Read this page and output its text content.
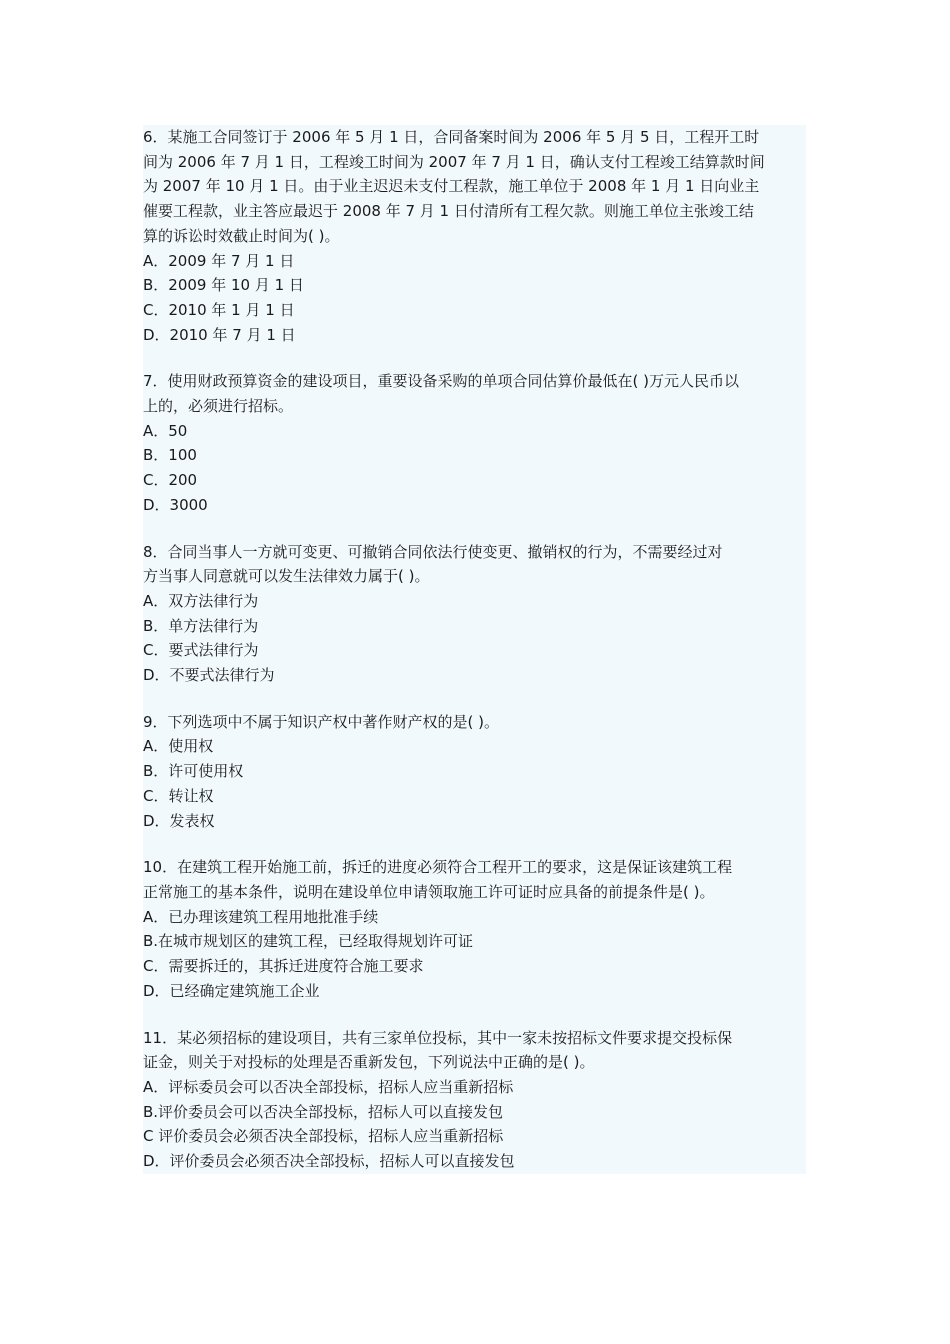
6．某施工合同签订于 2006 年 5 月 1 日，合同备案时间为 2006 年 5 月 5 日，工程开工时
间为 2006 年 7 月 1 日，工程竣工时间为 2007 年 7 月 1 日，确认支付工程竣工结算款时间
为 2007 年 10 月 1 日。由于业主迟迟未支付工程款，施工单位于 2008 年 1 月 1 日向业主
催要工程款，业主答应最迟于 2008 年 7 月 1 日付清所有工程欠款。则施工单位主张竣工结
算的诉讼时效截止时间为( )。
A．2009 年 7 月 1 日
B．2009 年 10 月 1 日
C．2010 年 1 月 1 日
D．2010 年 7 月 1 日
7．使用财政预算资金的建设项目，重要设备采购的单项合同估算价最低在( )万元人民币以
上的，必须进行招标。
A．50
B．100
C．200
D．3000
8．合同当事人一方就可变更、可撤销合同依法行使变更、撤销权的行为，不需要经过对
方当事人同意就可以发生法律效力属于( )。
A．双方法律行为
B．单方法律行为
C．要式法律行为
D．不要式法律行为
9．下列选项中不属于知识产权中著作财产权的是( )。
A．使用权
B．许可使用权
C．转让权
D．发表权
10．在建筑工程开始施工前，拆迁的进度必须符合工程开工的要求，这是保证该建筑工程
正常施工的基本条件，说明在建设单位申请领取施工许可证时应具备的前提条件是( )。
A．已办理该建筑工程用地批准手续
B.在城市规划区的建筑工程，已经取得规划许可证
C．需要拆迁的，其拆迁进度符合施工要求
D．已经确定建筑施工企业
11．某必须招标的建设项目，共有三家单位投标，其中一家未按招标文件要求提交投标保
证金，则关于对投标的处理是否重新发包，下列说法中正确的是( )。
A．评标委员会可以否决全部投标，招标人应当重新招标
B.评价委员会可以否决全部投标，招标人可以直接发包
C 评价委员会必须否决全部投标，招标人应当重新招标
D．评价委员会必须否决全部投标，招标人可以直接发包
